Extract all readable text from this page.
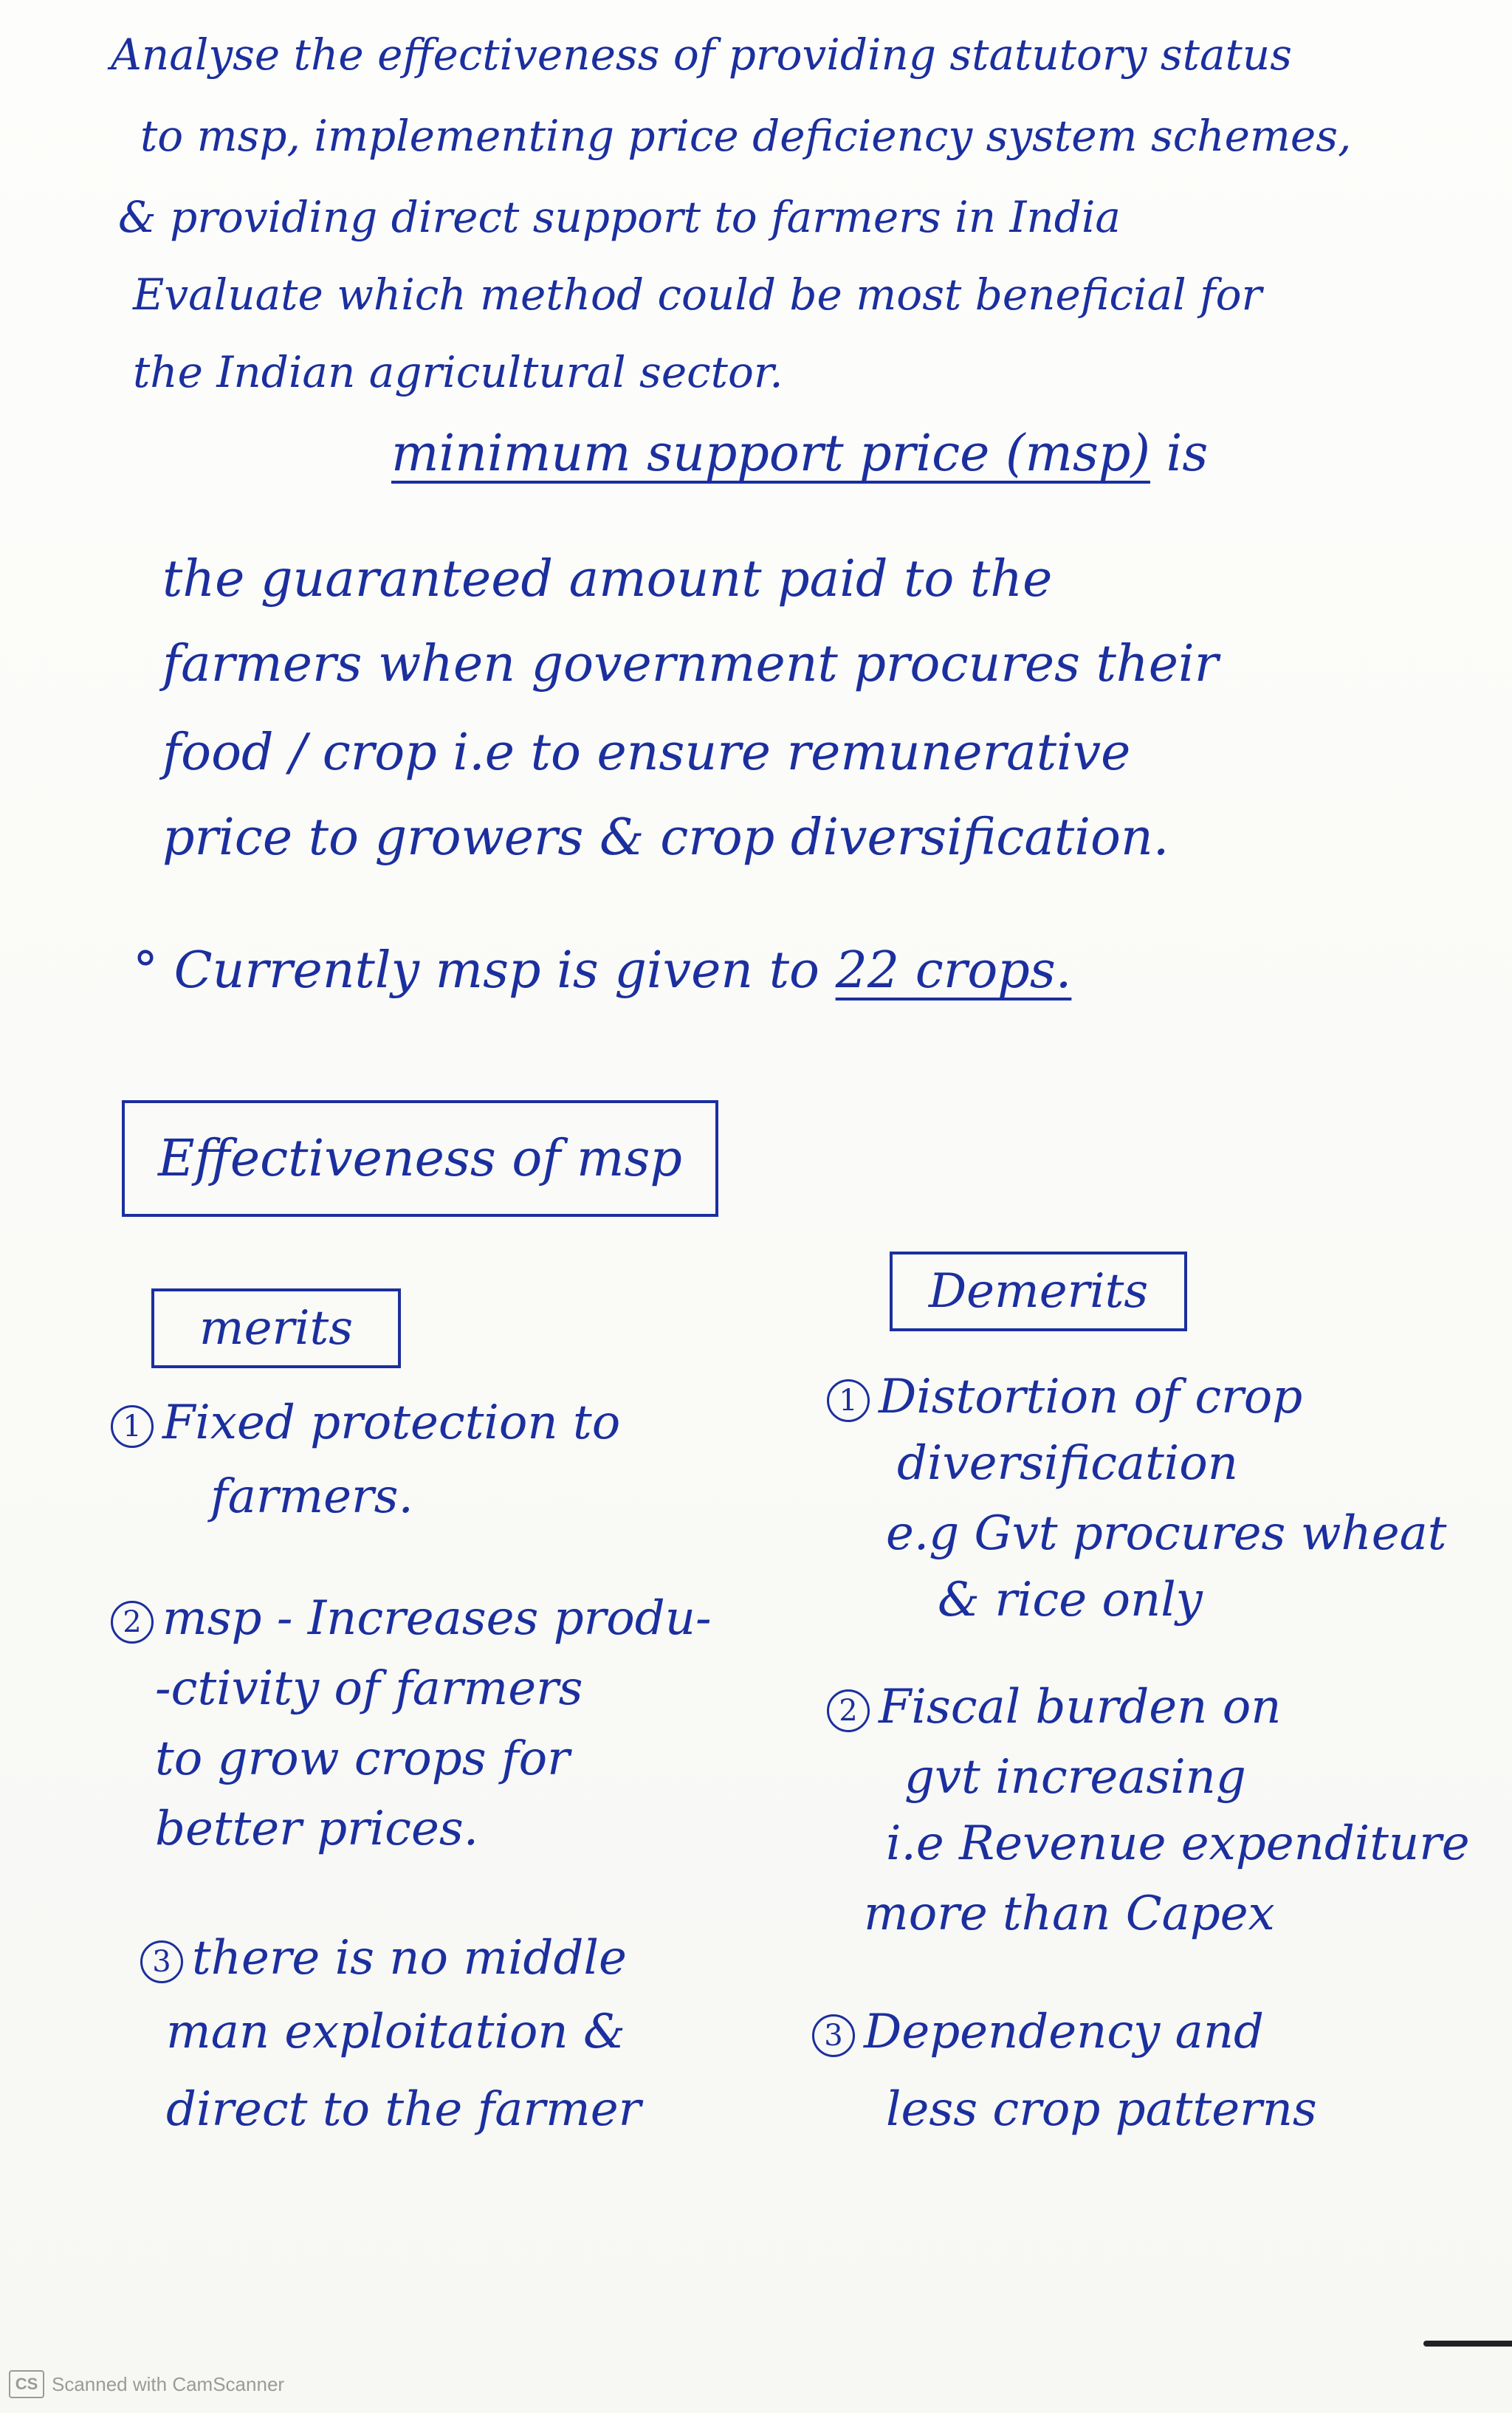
Analyse the effectiveness of providing statutory status
to msp, implementing price deficiency system schemes,
& providing direct support to farmers in India
Evaluate which method could be most beneficial for
the Indian agricultural sector.
minimum support price (msp) is
the guaranteed amount paid to the
farmers when government procures their
food / crop i.e to ensure remunerative
price to growers & crop diversification.
° Currently msp is given to 22 crops.
Effectiveness of msp
merits
Demerits
1 Fixed protection to
farmers.
2 msp - Increases produ-
-ctivity of farmers
to grow crops for
better prices.
3 there is no middle
man exploitation &
direct to the farmer
1 Distortion of crop
diversification
e.g Gvt procures wheat
& rice only
2 Fiscal burden on
gvt increasing
i.e Revenue expenditure
more than Capex
3 Dependency and
less crop patterns
CS Scanned with CamScanner
